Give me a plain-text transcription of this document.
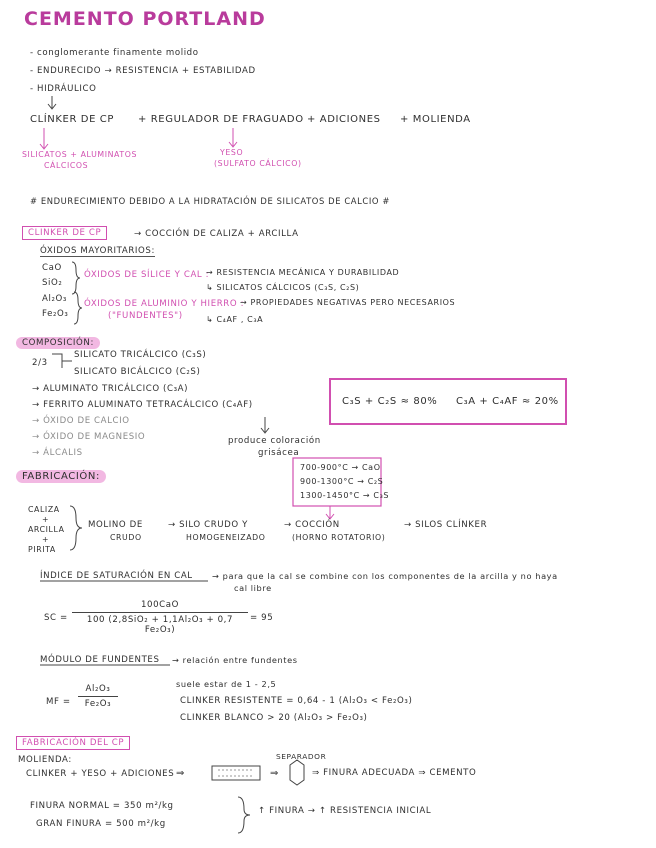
CEMENTO PORTLAND
- conglomerante finamente molido
- ENDURECIDO → RESISTENCIA + ESTABILIDAD
- HIDRÁULICO
CLÍNKER DE CP + REGULADOR DE FRAGUADO + ADICIONES + MOLIENDA
SILICATOS + ALUMINATOS
CÁLCICOS
YESO
(SULFATO CÁLCICO)
# ENDURECIMIENTO DEBIDO A LA HIDRATACIÓN DE SILICATOS DE CALCIO #
CLINKER DE CP	→ COCCIÓN DE CALIZA + ARCILLA
ÓXIDOS MAYORITARIOS:
CaO
SiO₂
Al₂O₃
Fe₂O₃
ÓXIDOS DE SÍLICE Y CAL :
→ RESISTENCIA MECÁNICA Y DURABILIDAD
↳ SILICATOS CÁLCICOS (C₃S, C₂S)
ÓXIDOS DE ALUMINIO Y HIERRO :
("FUNDENTES")
→ PROPIEDADES NEGATIVAS PERO NECESARIOS
↳ C₄AF , C₃A
COMPOSICIÓN:
2/3
SILICATO TRICÁLCICO (C₃S)
SILICATO BICÁLCICO (C₂S)
→ ALUMINATO TRICÁLCICO (C₃A)
→ FERRITO ALUMINATO TETRACÁLCICO (C₄AF)
→ ÓXIDO DE CALCIO
→ ÓXIDO DE MAGNESIO
→ ÁLCALIS
C₃S + C₂S ≈ 80% C₃A + C₄AF ≈ 20%
produce coloración
grisácea
FABRICACIÓN:
700-900°C → CaO
900-1300°C → C₂S
1300-1450°C → C₃S
CALIZA
+
ARCILLA
+
PIRITA
MOLINO DE
CRUDO
→ SILO CRUDO Y
HOMOGENEIZADO
→ COCCIÓN
(HORNO ROTATORIO)
→ SILOS CLÍNKER
ÍNDICE DE SATURACIÓN EN CAL → para que la cal se combine con los componentes de la arcilla y no haya
cal libre
SC =
100CaO
100 (2,8SiO₂ + 1,1Al₂O₃ + 0,7 Fe₂O₃)
= 95
MÓDULO DE FUNDENTES → relación entre fundentes
MF = $\frac{\text{Al₂O₃}}{\text{Fe₂O₃}}$	suele estar de 1 - 2,5
CLINKER RESISTENTE = 0,64 - 1 (Al₂O₃ < Fe₂O₃)
CLINKER BLANCO > 20 (Al₂O₃ > Fe₂O₃)
FABRICACIÓN DEL CP
MOLIENDA:
CLINKER + YESO + ADICIONES ⇒	⇒
SEPARADOR
⇒ FINURA ADECUADA ⇒ CEMENTO
FINURA NORMAL = 350 m²/kg
GRAN FINURA = 500 m²/kg
↑ FINURA → ↑ RESISTENCIA INICIAL
